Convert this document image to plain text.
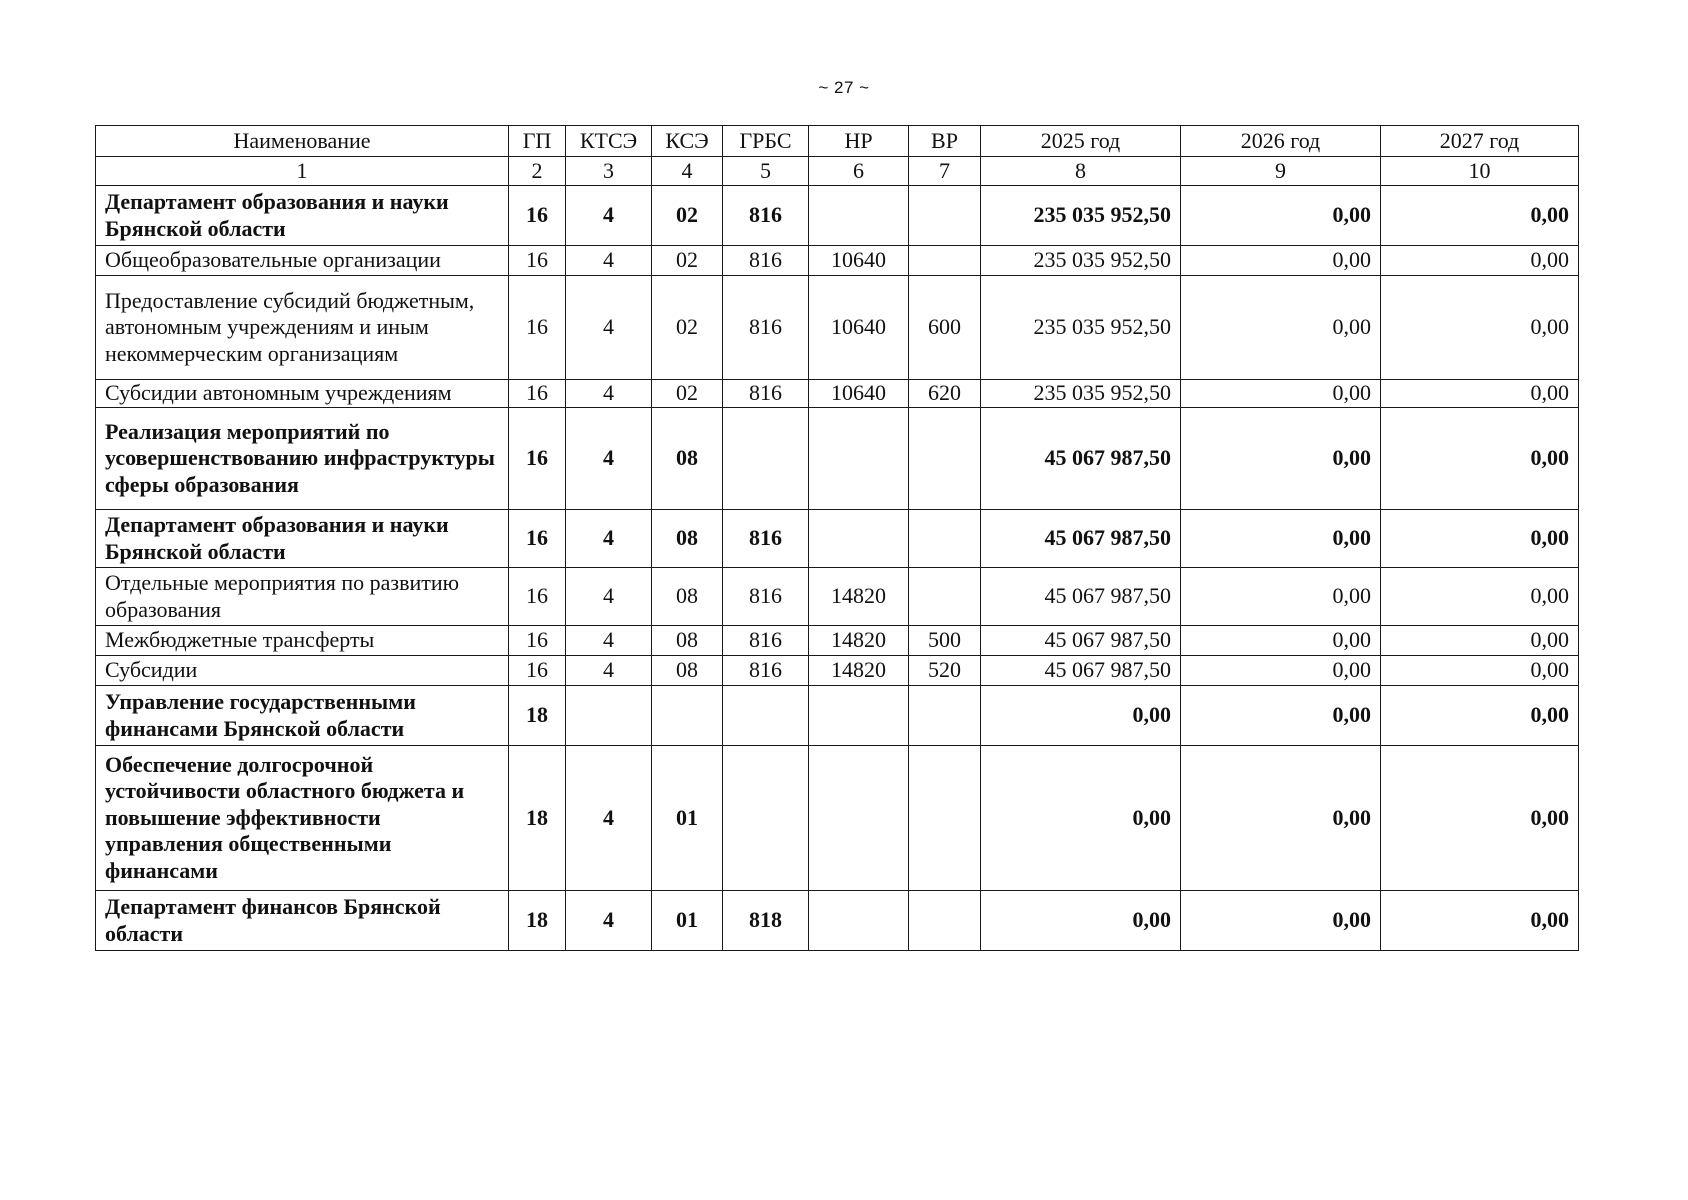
~ 27 ~
Наименование	ГП	КТСЭ	КСЭ	ГРБС	НР	ВР	2025 год	2026 год	2027 год
1	2	3	4	5	6	7	8	9	10
Департамент образования и науки Брянской области	16	4	02	816			235 035 952,50	0,00	0,00
Общеобразовательные организации	16	4	02	816	10640		235 035 952,50	0,00	0,00
Предоставление субсидий бюджетным, автономным учреждениям и иным некоммерческим организациям	16	4	02	816	10640	600	235 035 952,50	0,00	0,00
Субсидии автономным учреждениям	16	4	02	816	10640	620	235 035 952,50	0,00	0,00
Реализация мероприятий по усовершенствованию инфраструктуры сферы образования	16	4	08				45 067 987,50	0,00	0,00
Департамент образования и науки Брянской области	16	4	08	816			45 067 987,50	0,00	0,00
Отдельные мероприятия по развитию образования	16	4	08	816	14820		45 067 987,50	0,00	0,00
Межбюджетные трансферты	16	4	08	816	14820	500	45 067 987,50	0,00	0,00
Субсидии	16	4	08	816	14820	520	45 067 987,50	0,00	0,00
Управление государственными финансами Брянской области	18						0,00	0,00	0,00
Обеспечение долгосрочной устойчивости областного бюджета и повышение эффективности управления общественными финансами	18	4	01				0,00	0,00	0,00
Департамент финансов Брянской области	18	4	01	818			0,00	0,00	0,00
